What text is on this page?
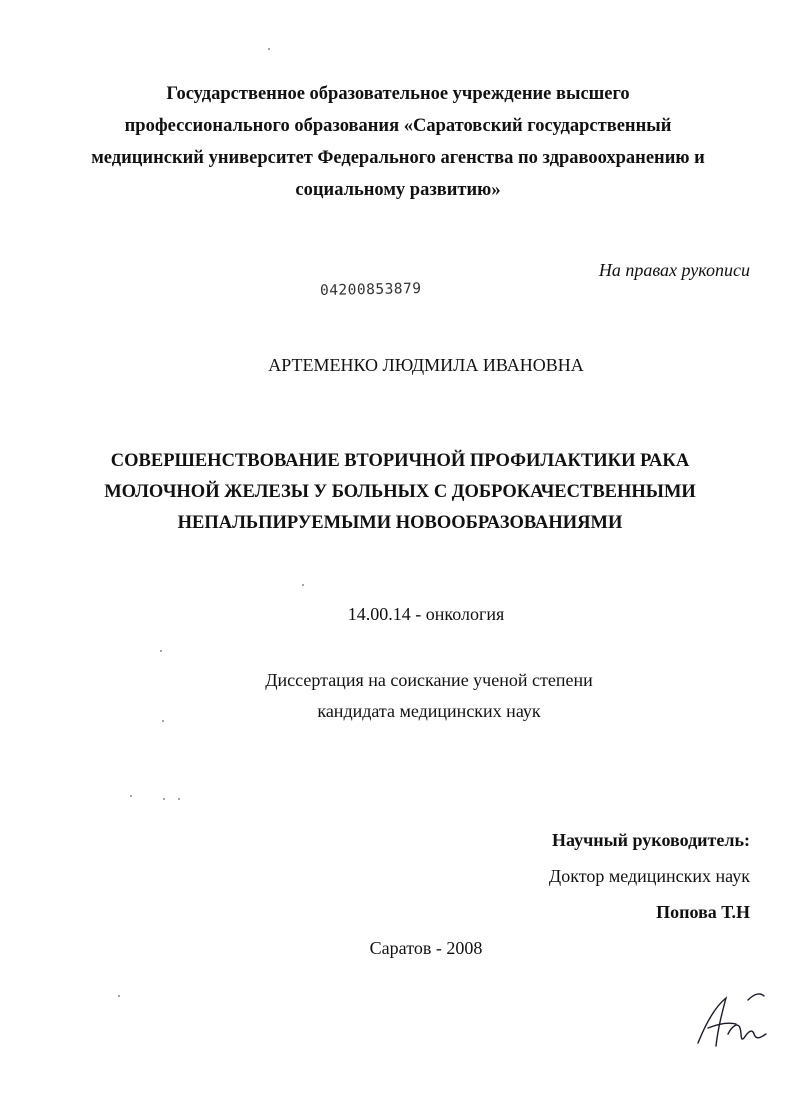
Государственное образовательное учреждение высшего
профессионального образования «Саратовский государственный
медицинский университет Федерального агенства по здравоохранению и
социальному развитию»
На правах рукописи
04200853879
АРТЕМЕНКО ЛЮДМИЛА ИВАНОВНА
СОВЕРШЕНСТВОВАНИЕ ВТОРИЧНОЙ ПРОФИЛАКТИКИ РАКА
МОЛОЧНОЙ ЖЕЛЕЗЫ У БОЛЬНЫХ С ДОБРОКАЧЕСТВЕННЫМИ
НЕПАЛЬПИРУЕМЫМИ НОВООБРАЗОВАНИЯМИ
14.00.14 - онкология
Диссертация на соискание ученой степени
кандидата медицинских наук
Научный руководитель:
Доктор медицинских наук
Попова Т.Н
Саратов - 2008
